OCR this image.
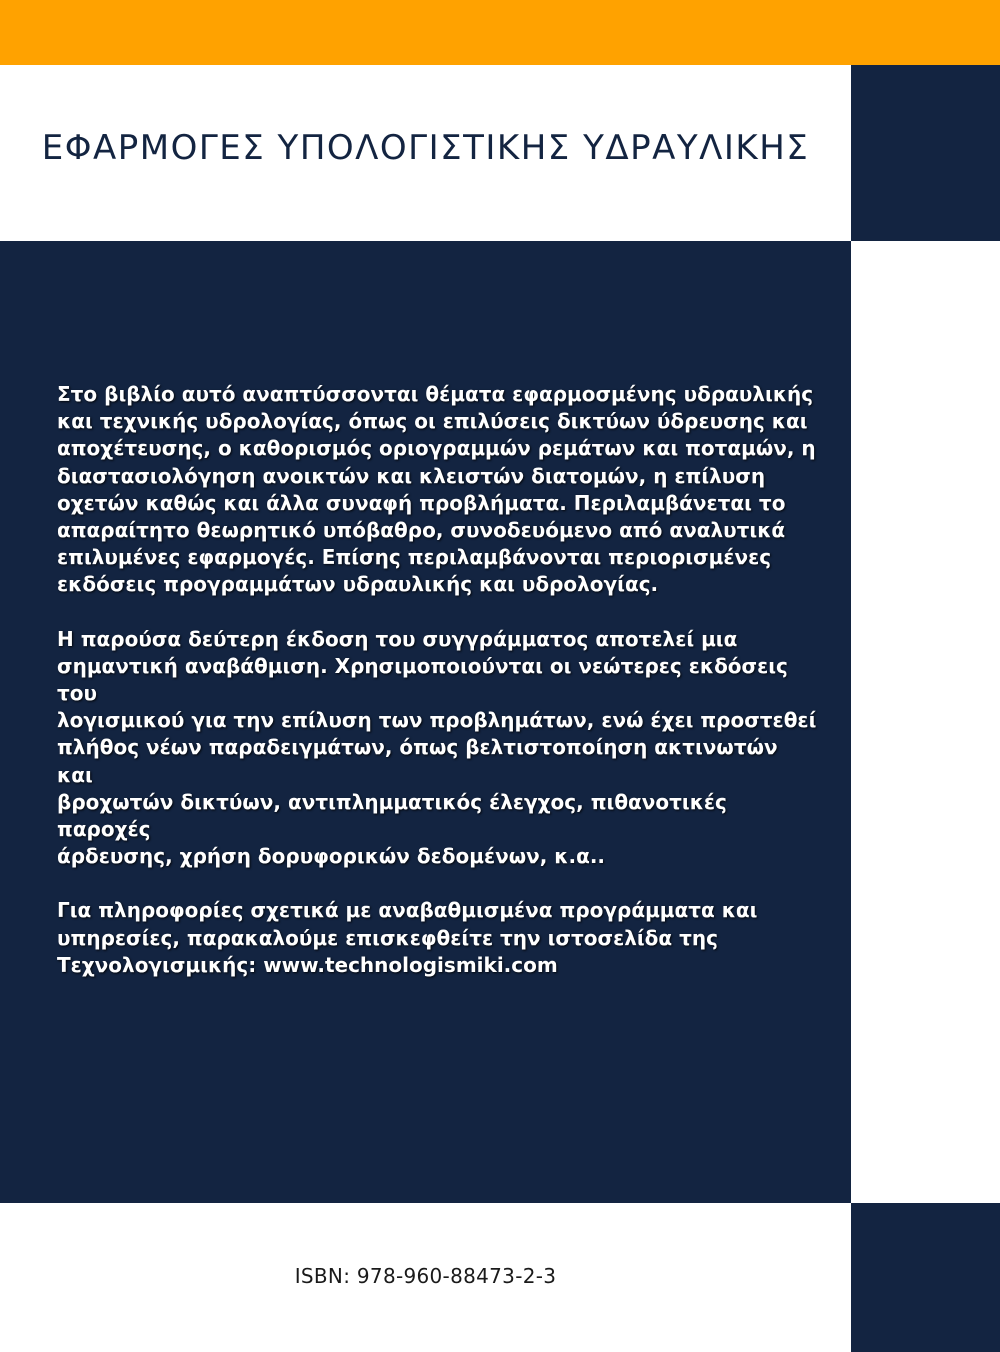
ΕΦΑΡΜΟΓΕΣ ΥΠΟΛΟΓΙΣΤΙΚΗΣ ΥΔΡΑΥΛΙΚΗΣ

Στο βιβλίο αυτό αναπτύσσονται θέματα εφαρμοσμένης υδραυλικής
και τεχνικής υδρολογίας, όπως οι επιλύσεις δικτύων ύδρευσης και
αποχέτευσης, ο καθορισμός οριογραμμών ρεμάτων και ποταμών, η
διαστασιολόγηση ανοικτών και κλειστών διατομών, η επίλυση
οχετών καθώς και άλλα συναφή προβλήματα. Περιλαμβάνεται το
απαραίτητο θεωρητικό υπόβαθρο, συνοδευόμενο από αναλυτικά
επιλυμένες εφαρμογές. Επίσης περιλαμβάνονται περιορισμένες
εκδόσεις προγραμμάτων υδραυλικής και υδρολογίας.

Η παρούσα δεύτερη έκδοση του συγγράμματος αποτελεί μια
σημαντική αναβάθμιση. Χρησιμοποιούνται οι νεώτερες εκδόσεις του
λογισμικού για την επίλυση των προβλημάτων, ενώ έχει προστεθεί
πλήθος νέων παραδειγμάτων, όπως βελτιστοποίηση ακτινωτών και
βροχωτών δικτύων, αντιπλημματικός έλεγχος, πιθανοτικές παροχές
άρδευσης, χρήση δορυφορικών δεδομένων, κ.α..

Για πληροφορίες σχετικά με αναβαθμισμένα προγράμματα και
υπηρεσίες, παρακαλούμε επισκεφθείτε την ιστοσελίδα της
Τεχνολογισμικής: www.technologismiki.com

ISBN: 978-960-88473-2-3
